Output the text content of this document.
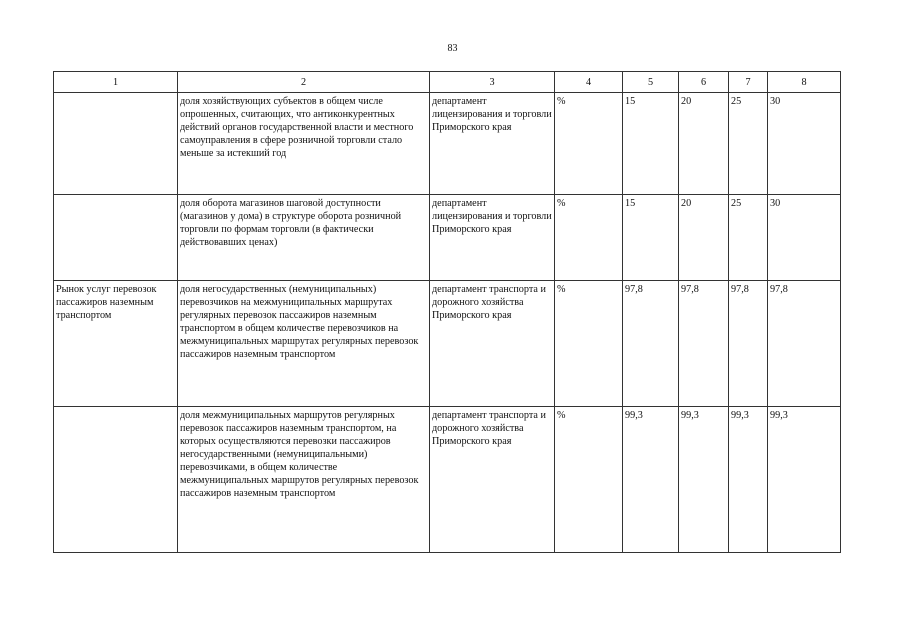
83
1	2	3	4	5	6	7	8
	доля хозяйствующих субъектов в общем числе опрошенных, считающих, что антиконкурентных действий органов государственной власти и местного самоуправления в сфере розничной торговли стало меньше за истекший год	департамент лицензирования и торговли Приморского края	%	15	20	25	30
	доля оборота магазинов шаговой доступности (магазинов у дома) в структуре оборота розничной торговли по формам торговли (в фактически действовавших ценах)	департамент лицензирования и торговли Приморского края	%	15	20	25	30
Рынок услуг перевозок пассажиров наземным транспортом	доля негосударственных (немуниципальных) перевозчиков на межмуниципальных маршрутах регулярных перевозок пассажиров наземным транспортом в общем количестве перевозчиков на межмуниципальных маршрутах регулярных перевозок пассажиров наземным транспортом	департамент транспорта и дорожного хозяйства Приморского края	%	97,8	97,8	97,8	97,8
	доля межмуниципальных маршрутов регулярных перевозок пассажиров наземным транспортом, на которых осуществляются перевозки пассажиров негосударственными (немуниципальными) перевозчиками, в общем количестве межмуниципальных маршрутов регулярных перевозок пассажиров наземным транспортом	департамент транспорта и дорожного хозяйства Приморского края	%	99,3	99,3	99,3	99,3
